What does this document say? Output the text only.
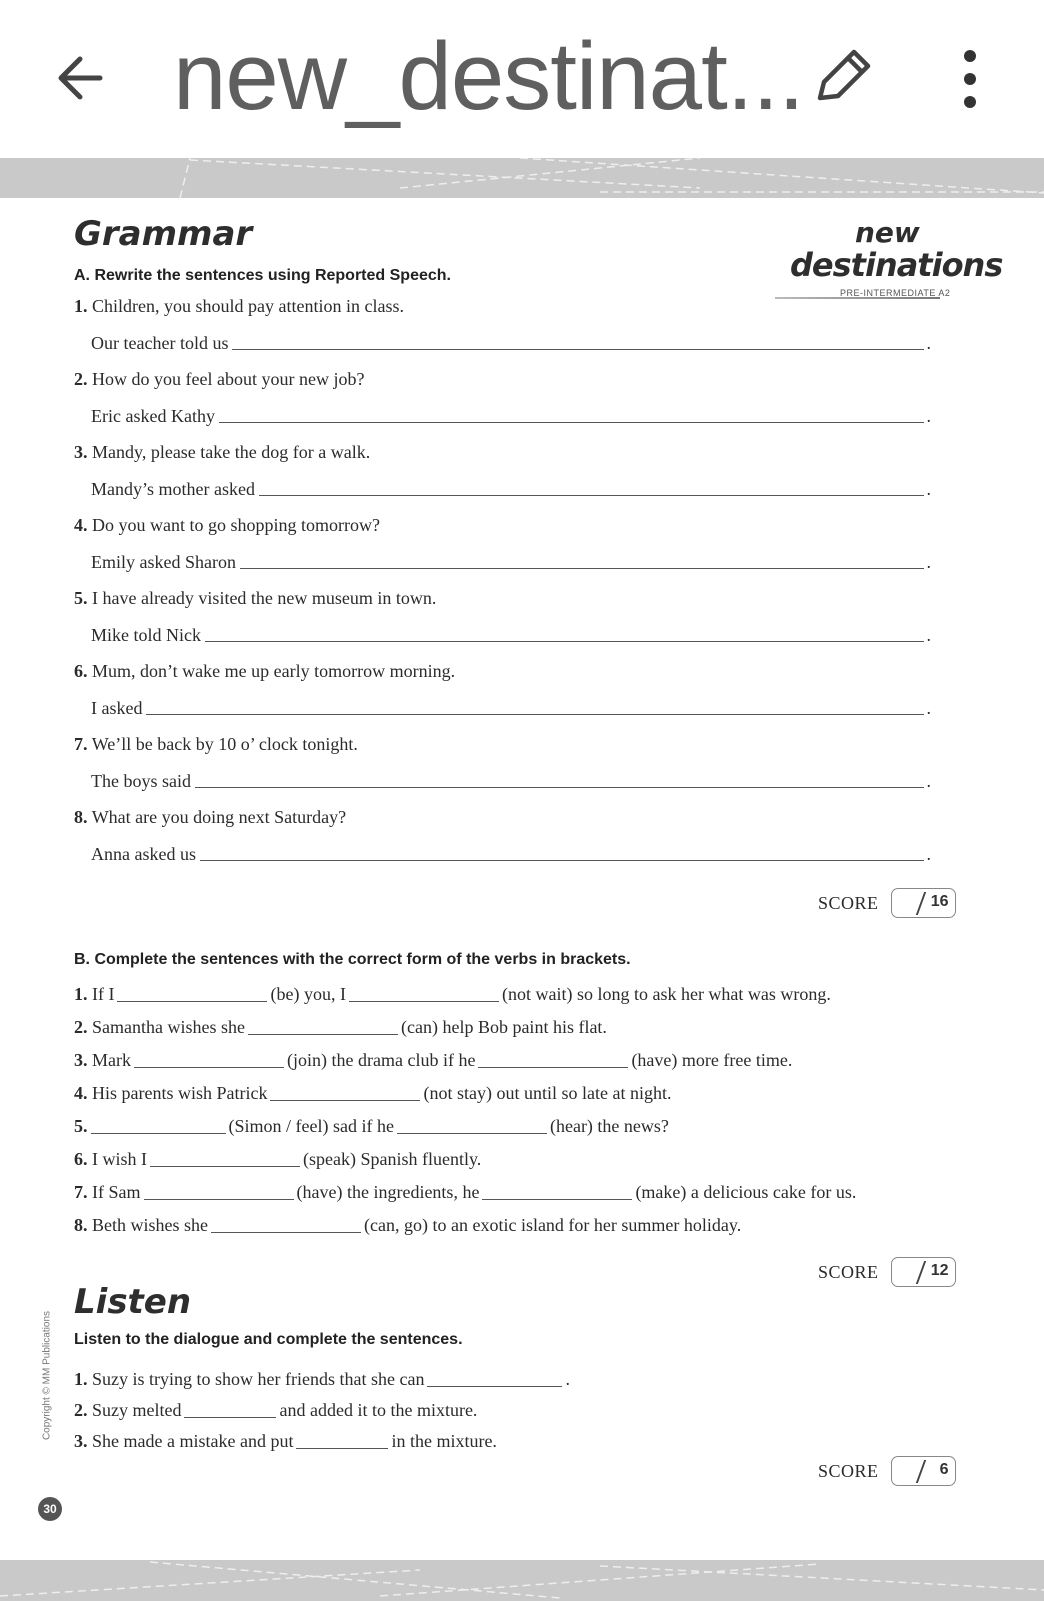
new_destinat...
new
destinations
PRE-INTERMEDIATE A2
Grammar
A. Rewrite the sentences using Reported Speech.
1. Children, you should pay attention in class.
Our teacher told us	.
2. How do you feel about your new job?
Eric asked Kathy	.
3. Mandy, please take the dog for a walk.
Mandy’s mother asked	.
4. Do you want to go shopping tomorrow?
Emily asked Sharon	.
5. I have already visited the new museum in town.
Mike told Nick	.
6. Mum, don’t wake me up early tomorrow morning.
I asked	.
7. We’ll be back by 10 o’ clock tonight.
The boys said	.
8. What are you doing next Saturday?
Anna asked us	.
SCORE	16
B. Complete the sentences with the correct form of the verbs in brackets.
1.
If I	(be) you, I	(not wait) so long to ask her what was wrong.
2.
Samantha wishes she	(can) help Bob paint his flat.
3.
Mark	(join) the drama club if he	(have) more free time.
4.
His parents wish Patrick	(not stay) out until so late at night.
5.	(Simon / feel) sad if he	(hear) the news?
6.
I wish I	(speak) Spanish fluently.
7.
If Sam	(have) the ingredients, he	(make) a delicious cake for us.
8.
Beth wishes she	(can, go) to an exotic island for her summer holiday.
SCORE	12
Listen
Listen to the dialogue and complete the sentences.
1.
Suzy is trying to show her friends that she can	.
2.
Suzy melted	and added it to the mixture.
3.
She made a mistake and put	in the mixture.
SCORE	6
Copyright © MM Publications
30
